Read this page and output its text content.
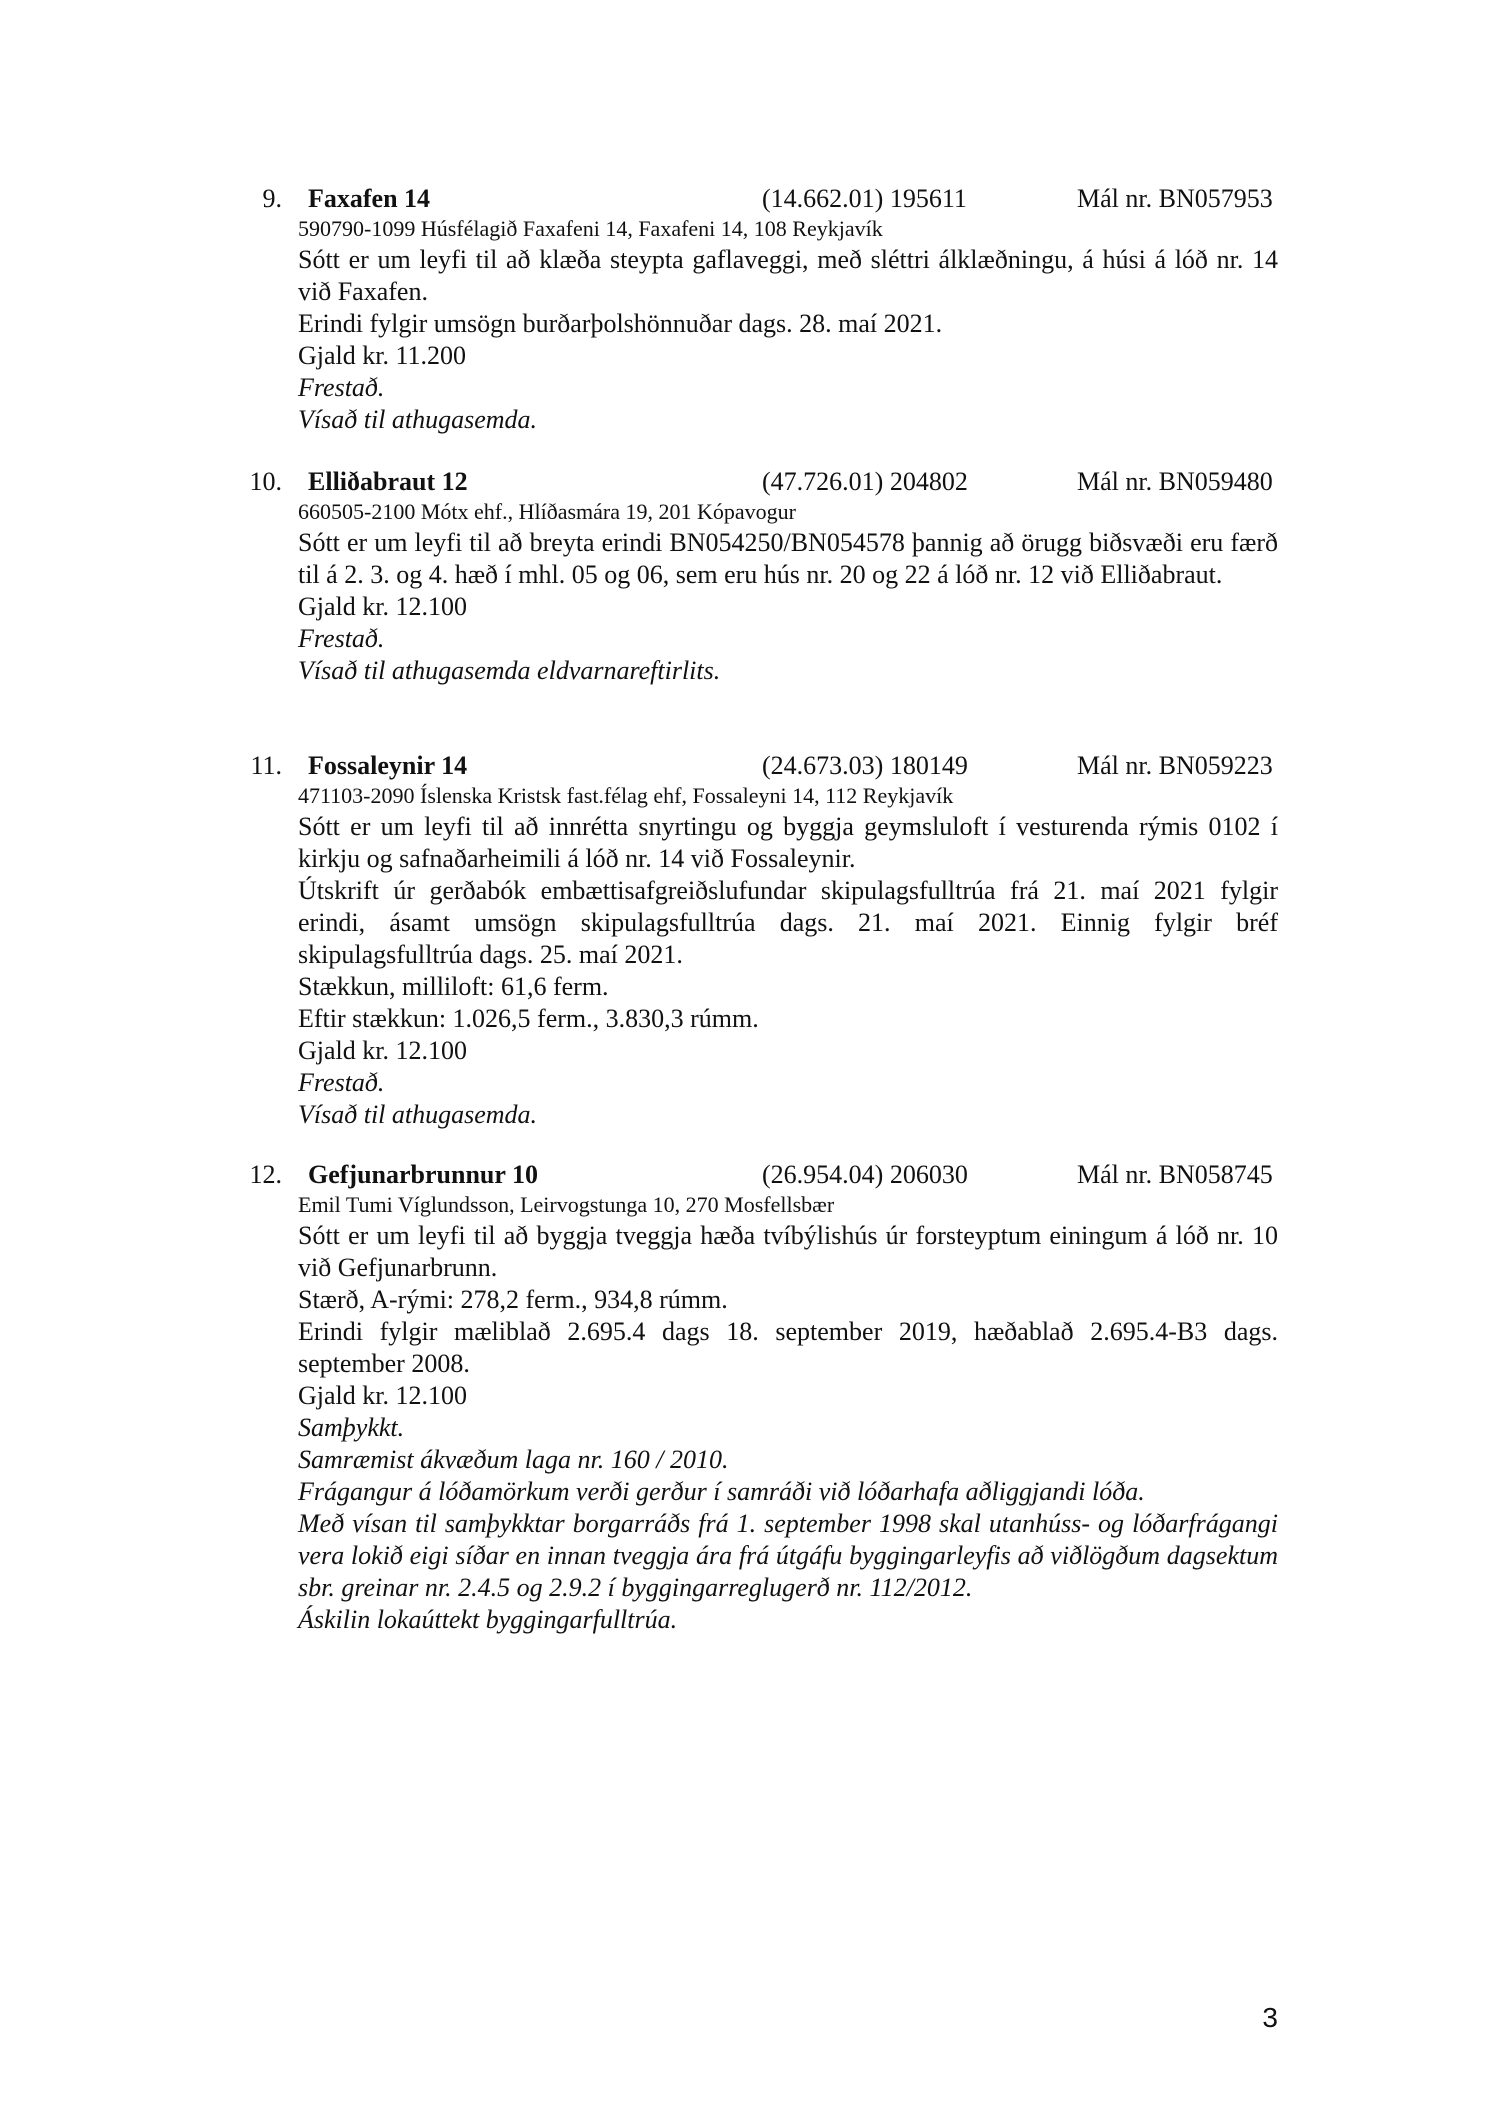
9. Faxafen 14	(14.662.01) 195611	Mál nr. BN057953
590790-1099 Húsfélagið Faxafeni 14, Faxafeni 14, 108 Reykjavík
Sótt er um leyfi til að klæða steypta gaflaveggi, með sléttri álklæðningu, á húsi á lóð nr. 14 við Faxafen.
Erindi fylgir umsögn burðarþolshönnuðar dags. 28. maí 2021.
Gjald kr. 11.200
Frestað.
Vísað til athugasemda.
10. Elliðabraut 12	(47.726.01) 204802	Mál nr. BN059480
660505-2100 Mótx ehf., Hlíðasmára 19, 201 Kópavogur
Sótt er um leyfi til að breyta erindi BN054250/BN054578 þannig að örugg biðsvæði eru færð til á 2. 3. og 4. hæð í mhl. 05 og 06, sem eru hús nr. 20 og 22 á lóð nr. 12 við Elliðabraut.
Gjald kr. 12.100
Frestað.
Vísað til athugasemda eldvarnareftirlits.
11. Fossaleynir 14	(24.673.03) 180149	Mál nr. BN059223
471103-2090 Íslenska Kristsk fast.félag ehf, Fossaleyni 14, 112 Reykjavík
Sótt er um leyfi til að innrétta snyrtingu og byggja geymsluloft í vesturenda rýmis 0102 í kirkju og safnaðarheimili á lóð nr. 14 við Fossaleynir.
Útskrift úr gerðabók embættisafgreiðslufundar skipulagsfulltrúa frá 21. maí 2021 fylgir erindi, ásamt umsögn skipulagsfulltrúa dags. 21. maí 2021. Einnig fylgir bréf skipulagsfulltrúa dags. 25. maí 2021.
Stækkun, milliloft: 61,6 ferm.
Eftir stækkun: 1.026,5 ferm., 3.830,3 rúmm.
Gjald kr. 12.100
Frestað.
Vísað til athugasemda.
12. Gefjunarbrunnur 10	(26.954.04) 206030	Mál nr. BN058745
Emil Tumi Víglundsson, Leirvogstunga 10, 270 Mosfellsbær
Sótt er um leyfi til að byggja tveggja hæða tvíbýlishús úr forsteyptum einingum á lóð nr. 10 við Gefjunarbrunn.
Stærð, A-rými: 278,2 ferm., 934,8 rúmm.
Erindi fylgir mæliblað 2.695.4 dags 18. september 2019, hæðablað 2.695.4-B3 dags. september 2008.
Gjald kr. 12.100
Samþykkt.
Samræmist ákvæðum laga nr. 160 / 2010.
Frágangur á lóðamörkum verði gerður í samráði við lóðarhafa aðliggjandi lóða.
Með vísan til samþykktar borgarráðs frá 1. september 1998 skal utanhúss- og lóðarfrágangi vera lokið eigi síðar en innan tveggja ára frá útgáfu byggingarleyfis að viðlögðum dagsektum sbr. greinar nr. 2.4.5 og 2.9.2 í byggingarreglugerð nr. 112/2012.
Áskilin lokaúttekt byggingarfulltrúa.
3
